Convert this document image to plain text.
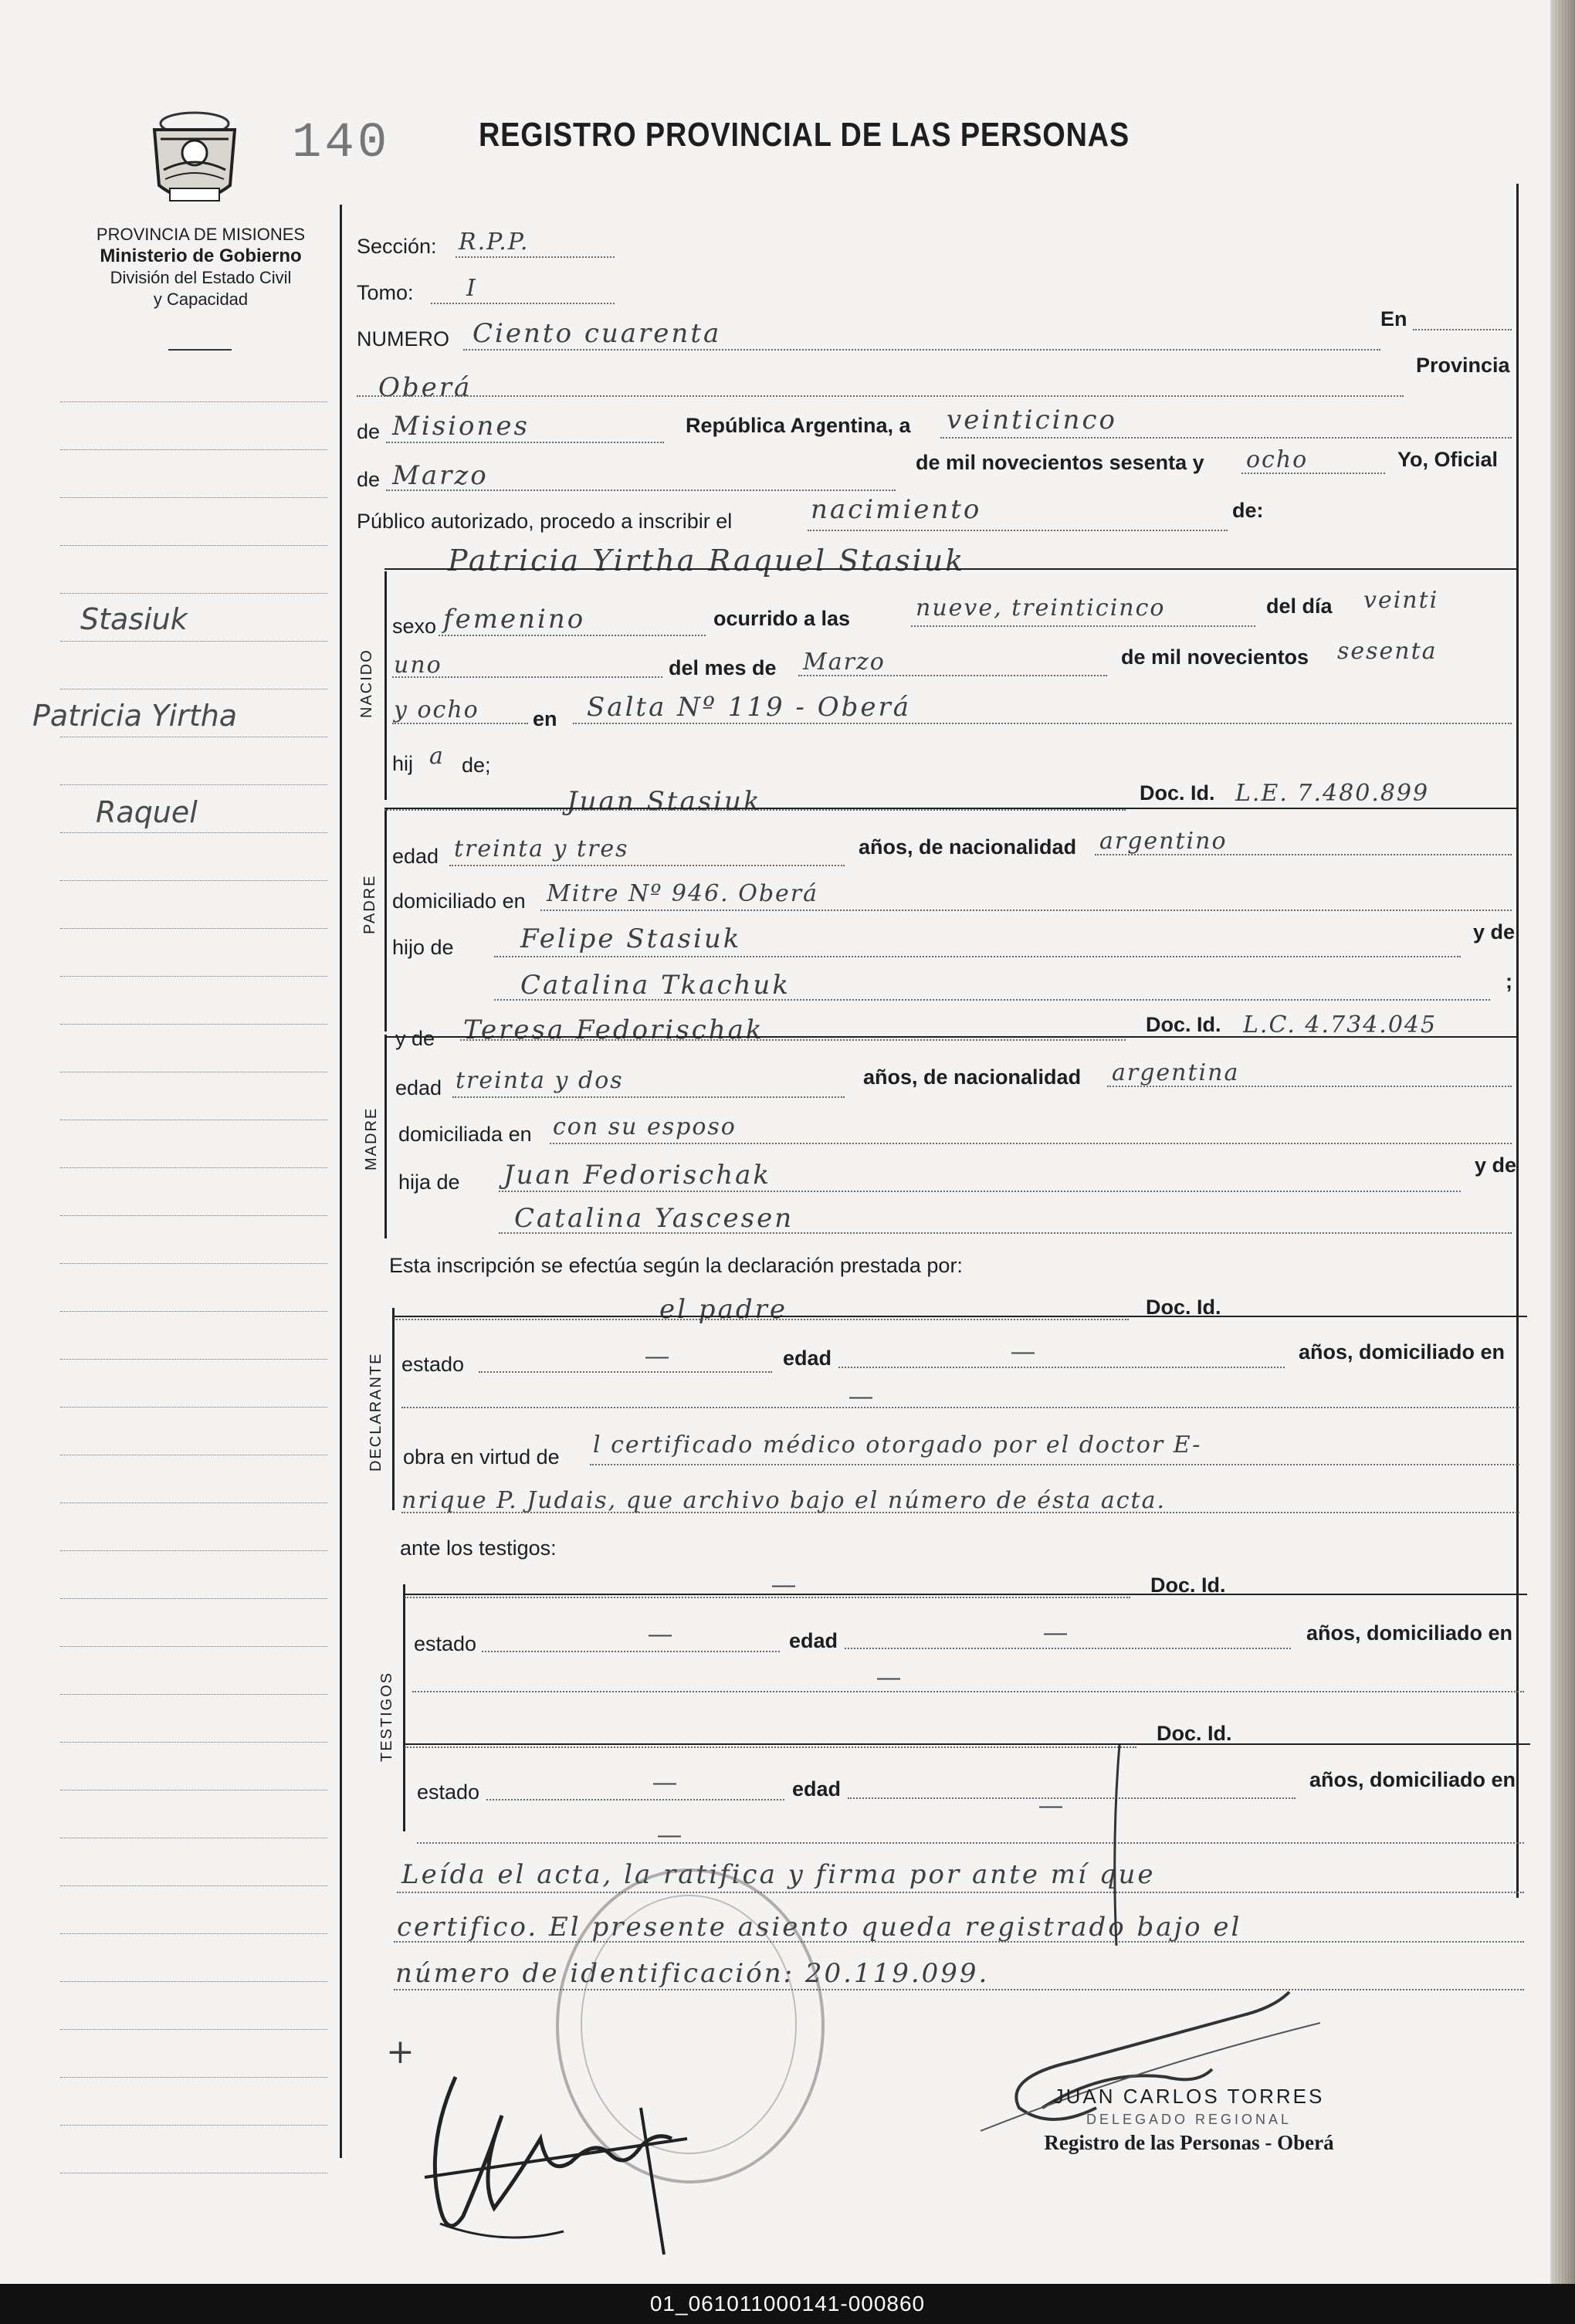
140	REGISTRO PROVINCIAL DE LAS PERSONAS
PROVINCIA DE MISIONES
Ministerio de Gobierno
División del Estado Civil
y Capacidad
Stasiuk
Patricia Yirtha
Raquel
Sección: R.P.P.
Tomo: I
NUMERO Ciento cuarenta	En
Oberá
Provincia
de Misiones	República Argentina, a veinticinco
de Marzo	de mil novecientos sesenta y ocho	Yo, Oficial
Público autorizado, procedo a inscribir el	nacimiento	de:
NACIDO
Patricia Yirtha Raquel Stasiuk
sexo femenino	ocurrido a las	nueve, treinticinco	del día veinti
uno	del mes de Marzo	de mil novecientos sesenta
y ocho	en Salta Nº 119 - Oberá
hij a de;
PADRE
Juan Stasiuk	Doc. Id. L.E. 7.480.899
edad treinta y tres	años, de nacionalidad argentino
domiciliado en Mitre Nº 946. Oberá
hijo de	Felipe Stasiuk	y de
Catalina Tkachuk	;
MADRE
y de Teresa Fedorischak	Doc. Id. L.C. 4.734.045
edad treinta y dos	años, de nacionalidad argentina
domiciliada en con su esposo
hija de Juan Fedorischak	y de
Catalina Yascesen
Esta inscripción se efectúa según la declaración prestada por:
DECLARANTE
el padre	Doc. Id.
estado	—	edad	—	años, domiciliado en
—
obra en virtud de l certificado médico otorgado por el doctor E-
nrique P. Judais, que archivo bajo el número de ésta acta.
ante los testigos:
TESTIGOS
—	Doc. Id.
estado	—	edad	—	años, domiciliado en
—
Doc. Id.
estado	—	edad
—
años, domiciliado en
—
Leída el acta, la ratifica y firma por ante mí que
certifico. El presente asiento queda registrado bajo el
número de identificación: 20.119.099.
+
JUAN CARLOS TORRES
DELEGADO REGIONAL
Registro de las Personas - Oberá
01_061011000141-000860
